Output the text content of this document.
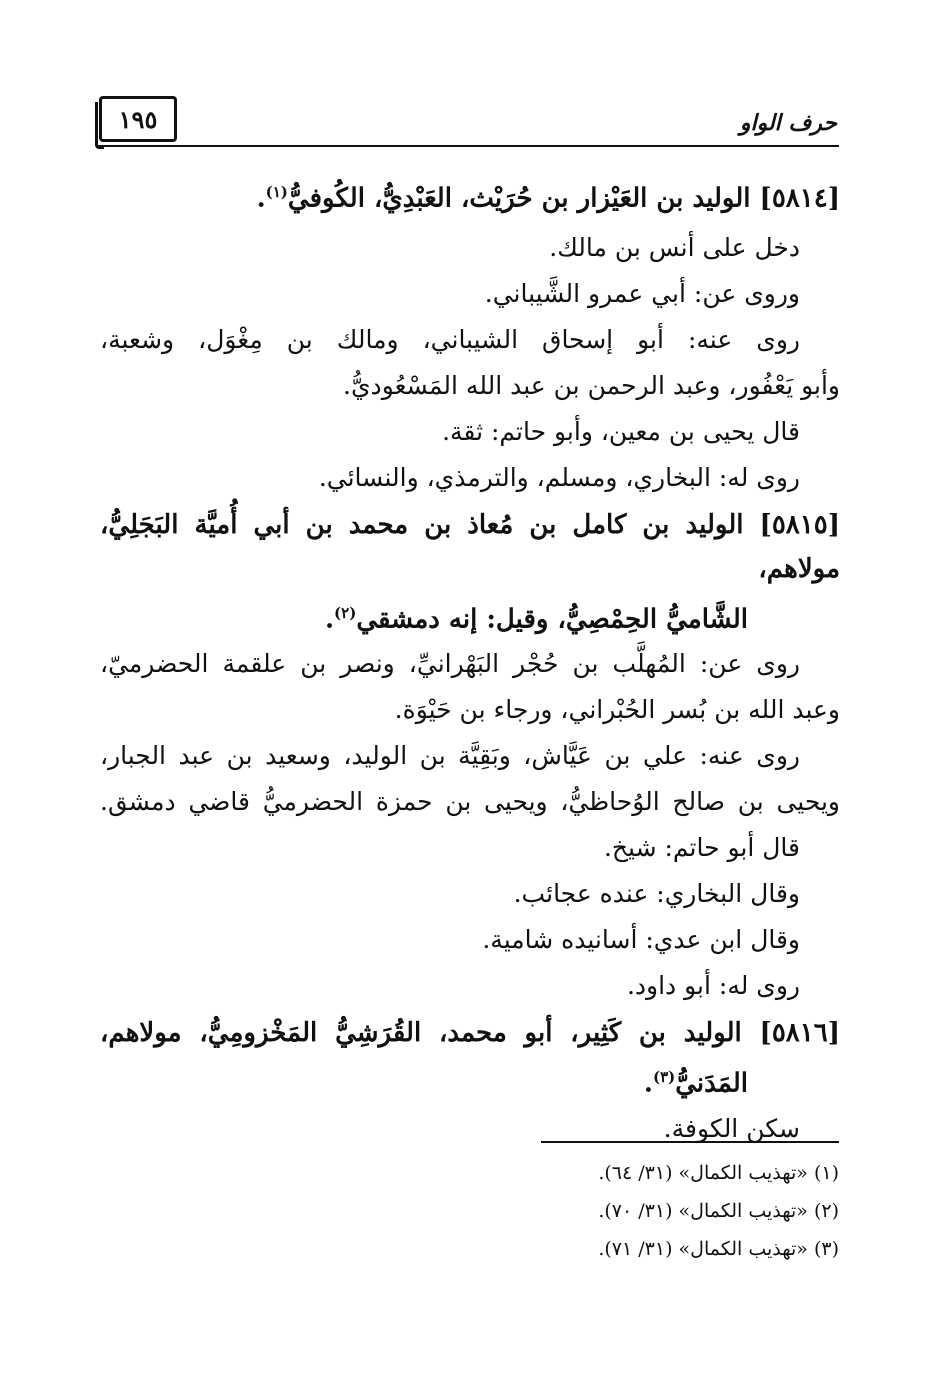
١٩٥	حرف الواو

[٥٨١٤] الوليد بن العَيْزار بن حُرَيْث، العَبْدِيُّ، الكُوفيُّ$^{(١)}$.

دخل على أنس بن مالك.

وروى عن: أبي عمرو الشَّيباني.

روى عنه: أبو إسحاق الشيباني، ومالك بن مِغْوَل، وشعبة،

وأبو يَعْفُور، وعبد الرحمن بن عبد الله المَسْعُوديُّ.

قال يحيى بن معين، وأبو حاتم: ثقة.

روى له: البخاري، ومسلم، والترمذي، والنسائي.

[٥٨١٥] الوليد بن كامل بن مُعاذ بن محمد بن أبي أُميَّة البَجَلِيُّ، مولاهم،

الشَّاميُّ الحِمْصِيُّ، وقيل: إنه دمشقي$^{(٢)}$.

روى عن: المُهلَّب بن حُجْر البَهْرانيِّ، ونصر بن علقمة الحضرميّ،

وعبد الله بن بُسر الحُبْراني، ورجاء بن حَيْوَة.

روى عنه: علي بن عَيَّاش، وبَقِيَّة بن الوليد، وسعيد بن عبد الجبار،

ويحيى بن صالح الوُحاظيُّ، ويحيى بن حمزة الحضرميُّ قاضي دمشق.

قال أبو حاتم: شيخ.

وقال البخاري: عنده عجائب.

وقال ابن عدي: أسانيده شامية.

روى له: أبو داود.

[٥٨١٦] الوليد بن كَثِير، أبو محمد، القُرَشِيُّ المَخْزومِيُّ، مولاهم،

المَدَنيُّ$^{(٣)}$.

سكن الكوفة.

(١) «تهذيب الكمال» (٣١/ ٦٤).

(٢) «تهذيب الكمال» (٣١/ ٧٠).

(٣) «تهذيب الكمال» (٣١/ ٧١).
